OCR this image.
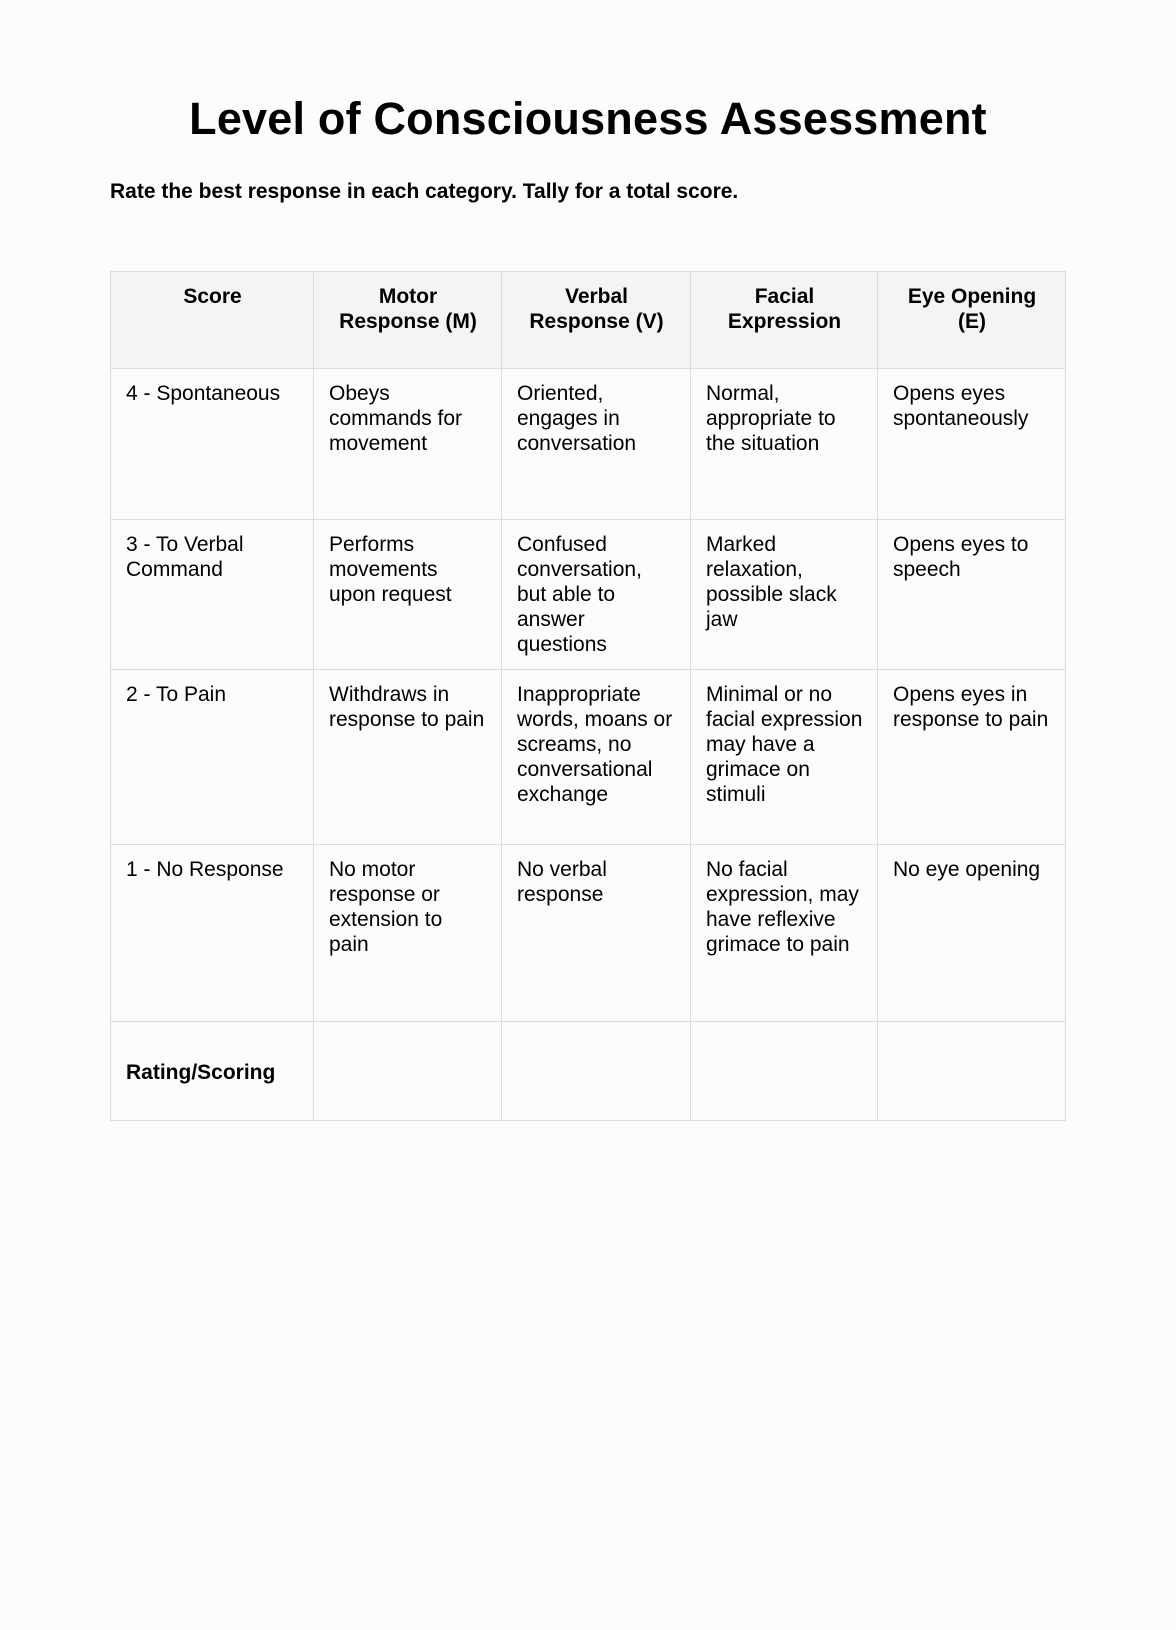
Level of Consciousness Assessment

Rate the best response in each category. Tally for a total score.

Score	Motor Response (M)	Verbal Response (V)	Facial Expression	Eye Opening (E)
4 - Spontaneous	Obeys commands for movement	Oriented, engages in conversation	Normal, appropriate to the situation	Opens eyes spontaneously
3 - To Verbal Command	Performs movements upon request	Confused conversation, but able to answer questions	Marked relaxation, possible slack jaw	Opens eyes to speech
2 - To Pain	Withdraws in response to pain	Inappropriate words, moans or screams, no conversational exchange	Minimal or no facial expression may have a grimace on stimuli	Opens eyes in response to pain
1 - No Response	No motor response or extension to pain	No verbal response	No facial expression, may have reflexive grimace to pain	No eye opening
Rating/Scoring				
